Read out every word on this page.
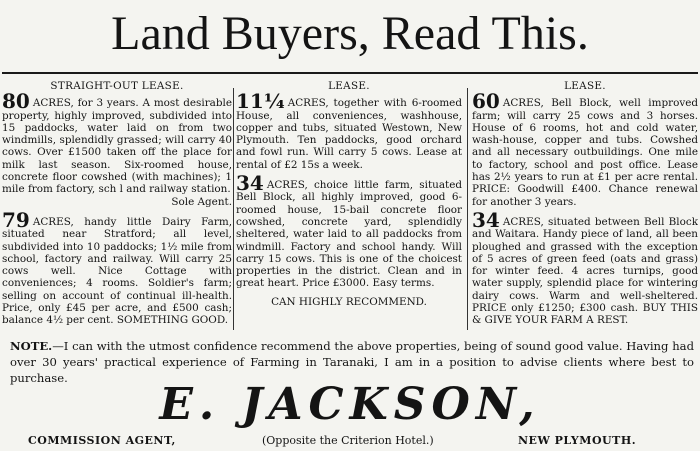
Land Buyers, Read This.
STRAIGHT-OUT LEASE.
80 ACRES, for 3 years. A most desirable property, highly improved, subdivided into 15 paddocks, water laid on from two windmills, splendidly grassed; will carry 40 cows. Over £1500 taken off the place for milk last season. Six-roomed house, concrete floor cowshed (with machines); 1 mile from factory, sch l and railway station.
Sole Agent.
79 ACRES, handy little Dairy Farm, situated near Stratford; all level, subdivided into 10 paddocks; 1½ mile from school, factory and railway. Will carry 25 cows well. Nice Cottage with conveniences; 4 rooms. Soldier's farm; selling on account of continual ill-health. Price, only £45 per acre, and £500 cash; balance 4½ per cent. SOMETHING GOOD.
LEASE.
11¼ ACRES, together with 6-roomed House, all conveniences, washhouse, copper and tubs, situated Westown, New Plymouth. Ten paddocks, good orchard and fowl run. Will carry 5 cows. Lease at rental of £2 15s a week.
34 ACRES, choice little farm, situated Bell Block, all highly improved, good 6-roomed house, 15-bail concrete floor cowshed, concrete yard, splendidly sheltered, water laid to all paddocks from windmill. Factory and school handy. Will carry 15 cows. This is one of the choicest properties in the district. Clean and in great heart. Price £3000. Easy terms.
CAN HIGHLY RECOMMEND.
LEASE.
60 ACRES, Bell Block, well improved farm; will carry 25 cows and 3 horses. House of 6 rooms, hot and cold water, wash-house, copper and tubs. Cowshed and all necessary outbuildings. One mile to factory, school and post office. Lease has 2½ years to run at £1 per acre rental. PRICE: Goodwill £400. Chance renewal for another 3 years.
34 ACRES, situated between Bell Block and Waitara. Handy piece of land, all been ploughed and grassed with the exception of 5 acres of green feed (oats and grass) for winter feed. 4 acres turnips, good water supply, splendid place for wintering dairy cows. Warm and well-sheltered. PRICE only £1250; £300 cash. BUY THIS & GIVE YOUR FARM A REST.
NOTE.—I can with the utmost confidence recommend the above properties, being of sound good value. Having had over 30 years' practical experience of Farming in Taranaki, I am in a position to advise clients where best to purchase.
E. JACKSON,
COMMISSION AGENT,	(Opposite the Criterion Hotel.)	NEW PLYMOUTH.
